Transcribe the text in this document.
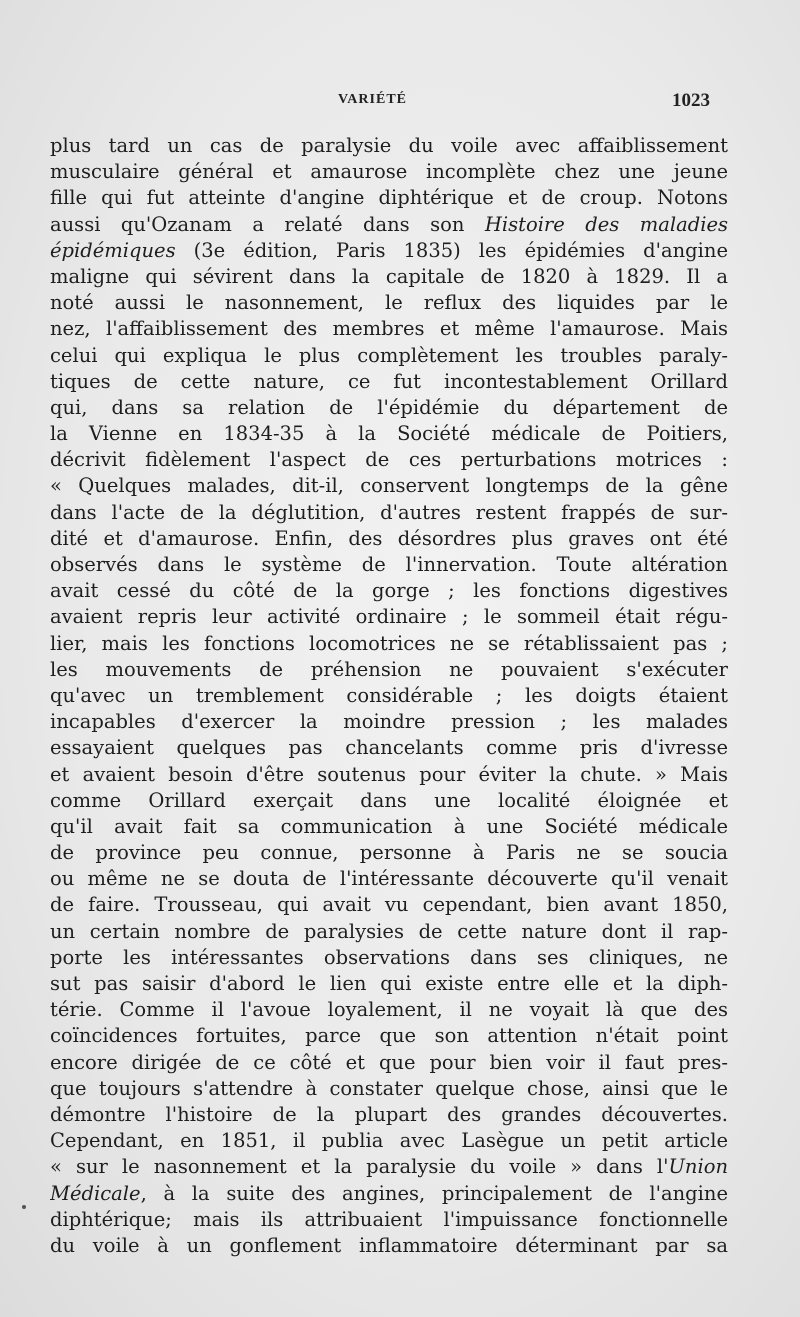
VARIÉTÉ	1023
plus tard un cas de paralysie du voile avec affaiblissement
musculaire général et amaurose incomplète chez une jeune
fille qui fut atteinte d'angine diphtérique et de croup. Notons
aussi qu'Ozanam a relaté dans son Histoire des maladies
épidémiques (3e édition, Paris 1835) les épidémies d'angine
maligne qui sévirent dans la capitale de 1820 à 1829. Il a
noté aussi le nasonnement, le reflux des liquides par le
nez, l'affaiblissement des membres et même l'amaurose. Mais
celui qui expliqua le plus complètement les troubles paraly-
tiques de cette nature, ce fut incontestablement Orillard
qui, dans sa relation de l'épidémie du département de
la Vienne en 1834-35 à la Société médicale de Poitiers,
décrivit fidèlement l'aspect de ces perturbations motrices :
« Quelques malades, dit-il, conservent longtemps de la gêne
dans l'acte de la déglutition, d'autres restent frappés de sur-
dité et d'amaurose. Enfin, des désordres plus graves ont été
observés dans le système de l'innervation. Toute altération
avait cessé du côté de la gorge ; les fonctions digestives
avaient repris leur activité ordinaire ; le sommeil était régu-
lier, mais les fonctions locomotrices ne se rétablissaient pas ;
les mouvements de préhension ne pouvaient s'exécuter
qu'avec un tremblement considérable ; les doigts étaient
incapables d'exercer la moindre pression ; les malades
essayaient quelques pas chancelants comme pris d'ivresse
et avaient besoin d'être soutenus pour éviter la chute. » Mais
comme Orillard exerçait dans une localité éloignée et
qu'il avait fait sa communication à une Société médicale
de province peu connue, personne à Paris ne se soucia
ou même ne se douta de l'intéressante découverte qu'il venait
de faire. Trousseau, qui avait vu cependant, bien avant 1850,
un certain nombre de paralysies de cette nature dont il rap-
porte les intéressantes observations dans ses cliniques, ne
sut pas saisir d'abord le lien qui existe entre elle et la diph-
térie. Comme il l'avoue loyalement, il ne voyait là que des
coïncidences fortuites, parce que son attention n'était point
encore dirigée de ce côté et que pour bien voir il faut pres-
que toujours s'attendre à constater quelque chose, ainsi que le
démontre l'histoire de la plupart des grandes découvertes.
Cependant, en 1851, il publia avec Lasègue un petit article
« sur le nasonnement et la paralysie du voile » dans l'Union
Médicale, à la suite des angines, principalement de l'angine
diphtérique; mais ils attribuaient l'impuissance fonctionnelle
du voile à un gonflement inflammatoire déterminant par sa
